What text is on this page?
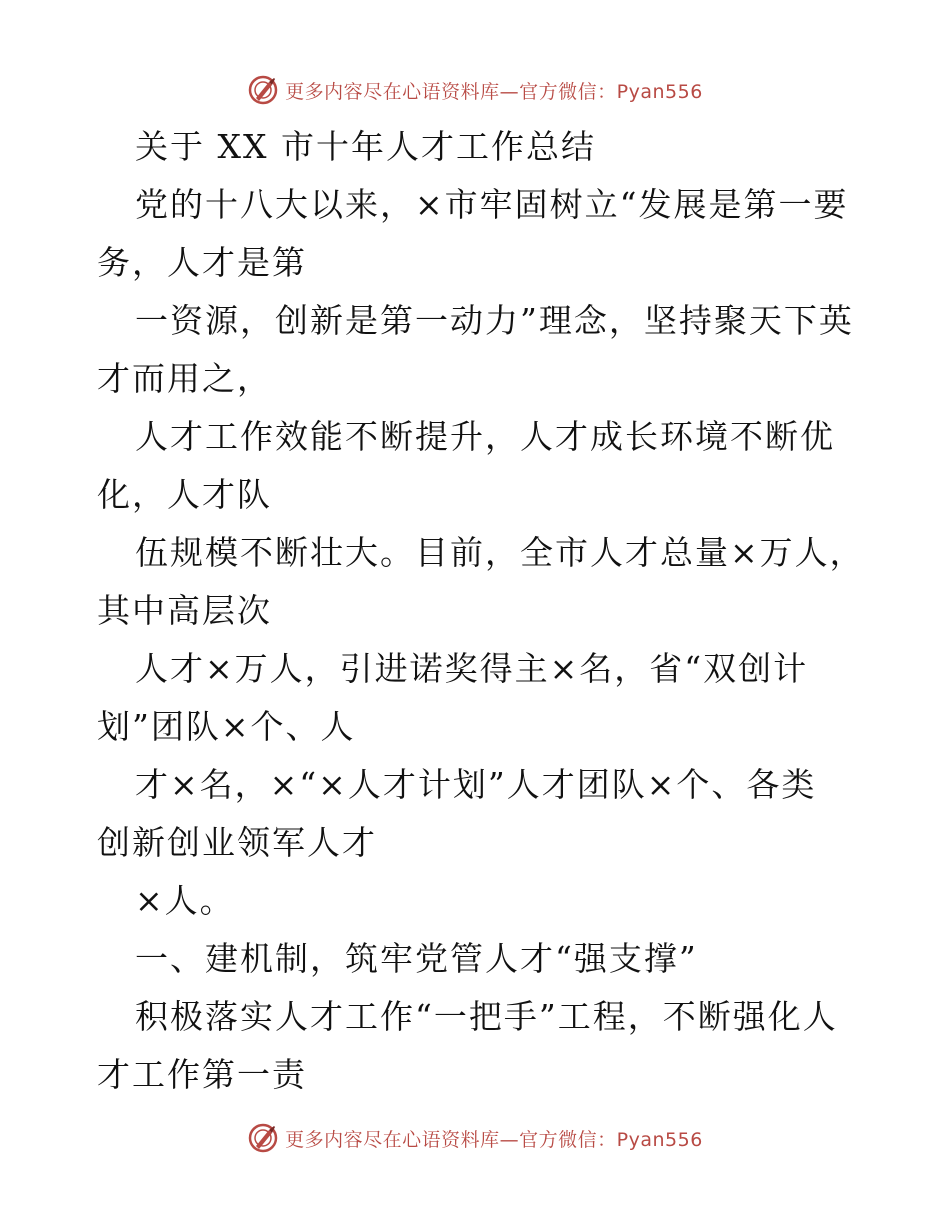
更多内容尽在心语资料库—官方微信：Pyan556
关于 XX 市十年人才工作总结
党的十八大以来，×市牢固树立“发展是第一要
务，人才是第
一资源，创新是第一动力”理念，坚持聚天下英
才而用之，
人才工作效能不断提升，人才成长环境不断优
化，人才队
伍规模不断壮大。目前，全市人才总量×万人，
其中高层次
人才×万人，引进诺奖得主×名，省“双创计
划”团队×个、人
才×名，×“×人才计划”人才团队×个、各类
创新创业领军人才
×人。
一、建机制，筑牢党管人才“强支撑”
积极落实人才工作“一把手”工程，不断强化人
才工作第一责
更多内容尽在心语资料库—官方微信：Pyan556
